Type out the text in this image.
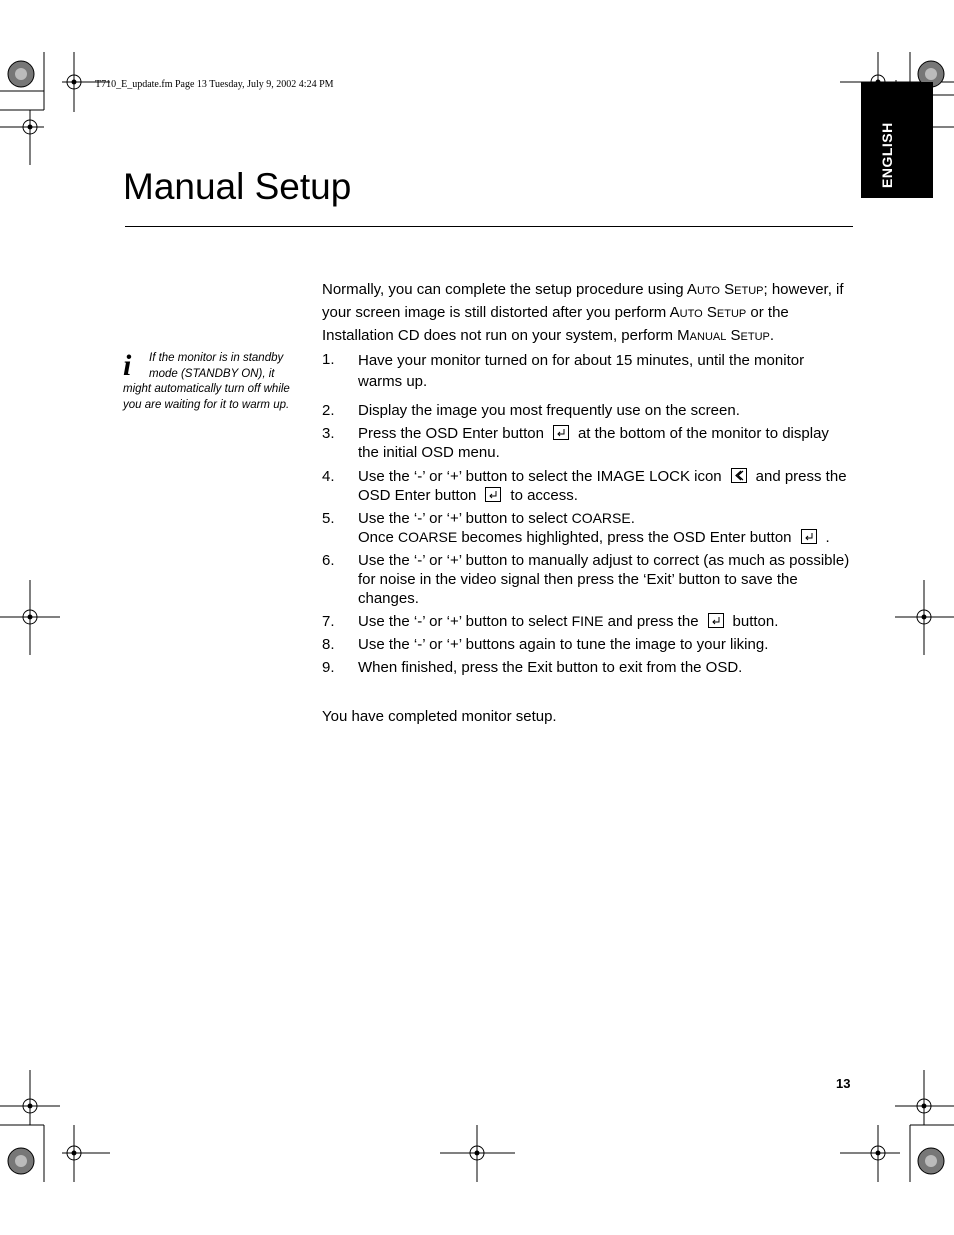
T710_E_update.fm Page 13 Tuesday, July 9, 2002 4:24 PM
ENGLISH
Manual Setup
Normally, you can complete the setup procedure using AUTO SETUP; however, if your screen image is still distorted after you perform AUTO SETUP or the Installation CD does not run on your system, perform MANUAL SETUP.
i	If the monitor is in standby mode (STANDBY ON), it might automatically turn off while you are waiting for it to warm up.
1. Have your monitor turned on for about 15 minutes, until the monitor warms up.
2. Display the image you most frequently use on the screen.
3. Press the OSD Enter button at the bottom of the monitor to display the initial OSD menu.
4. Use the ‘-’ or ‘+’ button to select the IMAGE LOCK icon and press the OSD Enter button to access.
5. Use the ‘-’ or ‘+’ button to select COARSE.
Once COARSE becomes highlighted, press the OSD Enter button .
6. Use the ‘-’ or ‘+’ button to manually adjust to correct (as much as possible) for noise in the video signal then press the ‘Exit’ button to save the changes.
7. Use the ‘-’ or ‘+’ button to select FINE and press the button.
8. Use the ‘-’ or ‘+’ buttons again to tune the image to your liking.
9. When finished, press the Exit button to exit from the OSD.
You have completed monitor setup.
13
